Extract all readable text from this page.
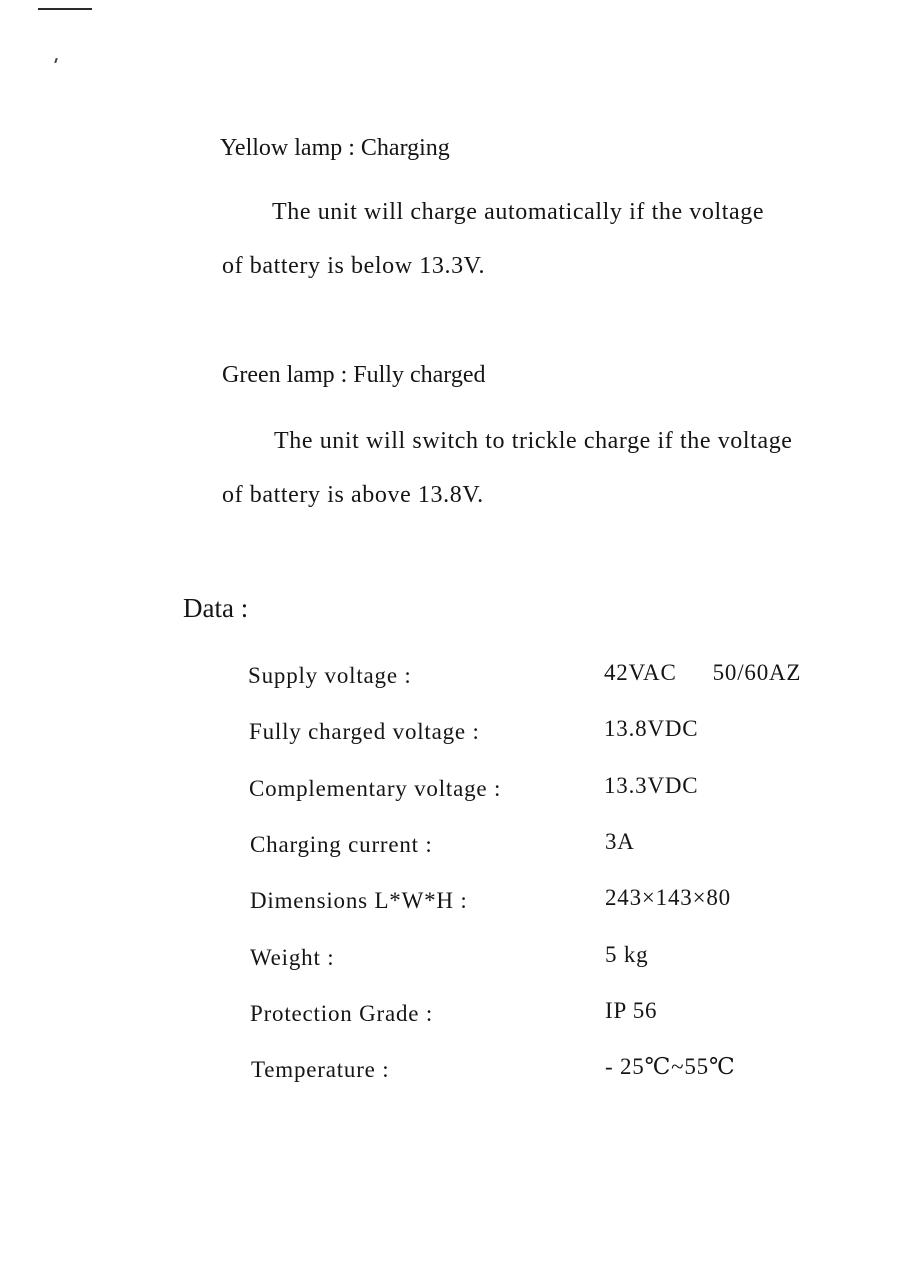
Yellow lamp : Charging
The unit will charge automatically if the voltage
of battery is below 13.3V.
Green lamp : Fully charged
The unit will switch to trickle charge if the voltage
of battery is above 13.8V.
Data :
Supply voltage :	42VAC 50/60AZ
Fully charged voltage :	13.8VDC
Complementary voltage :	13.3VDC
Charging current :	3A
Dimensions L*W*H :	243×143×80
Weight :	5 kg
Protection Grade :	IP 56
Temperature :	- 25℃~55℃
